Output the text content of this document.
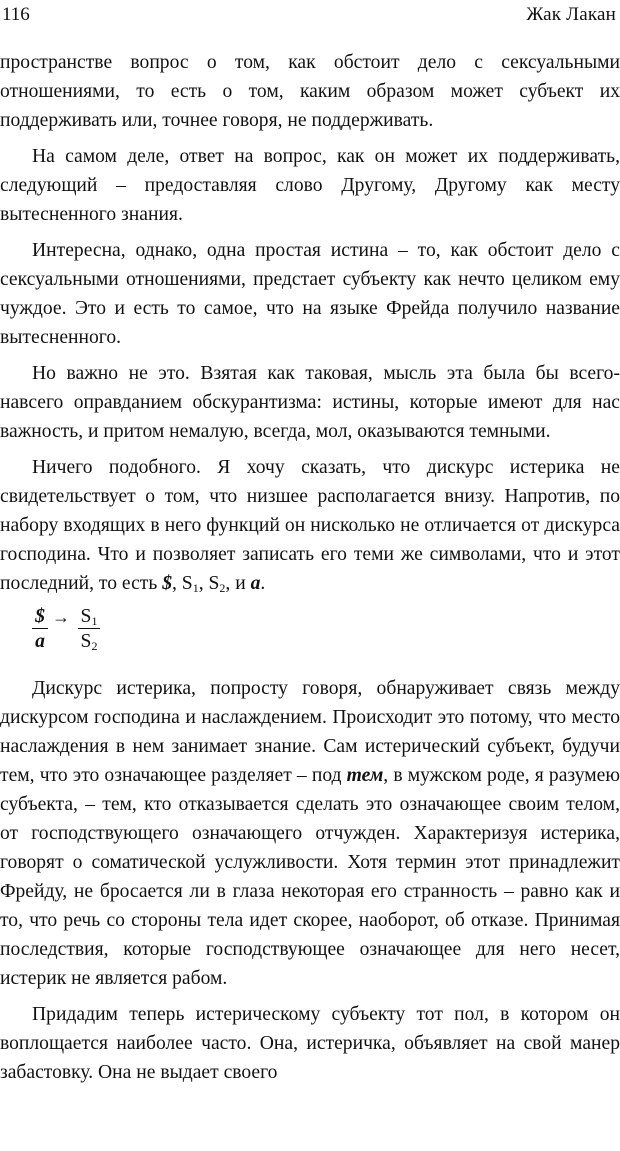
116	Жак Лакан

пространстве вопрос о том, как обстоит дело с сексуальными отношениями, то есть о том, каким образом может субъект их поддерживать или, точнее говоря, не поддерживать.

На самом деле, ответ на вопрос, как он может их поддерживать, следующий – предоставляя слово Другому, Другому как месту вытесненного знания.

Интересна, однако, одна простая истина – то, как обстоит дело с сексуальными отношениями, предстает субъекту как нечто целиком ему чуждое. Это и есть то самое, что на языке Фрейда получило название вытесненного.

Но важно не это. Взятая как таковая, мысль эта была бы всего-навсего оправданием обскурантизма: истины, которые имеют для нас важность, и притом немалую, всегда, мол, оказываются темными.

Ничего подобного. Я хочу сказать, что дискурс истерика не свидетельствует о том, что низшее располагается внизу. Напротив, по набору входящих в него функций он нисколько не отличается от дискурса господина. Что и позволяет записать его теми же символами, что и этот последний, то есть $, $S_1$, $S_2$, и a.

$
a
→ $\frac{S_1}{S_2}$

Дискурс истерика, попросту говоря, обнаруживает связь между дискурсом господина и наслаждением. Происходит это потому, что место наслаждения в нем занимает знание. Сам истерический субъект, будучи тем, что это означающее разделяет – под тем, в мужском роде, я разумею субъекта, – тем, кто отказывается сделать это означающее своим телом, от господствующего означающего отчужден. Характеризуя истерика, говорят о соматической услужливости. Хотя термин этот принадлежит Фрейду, не бросается ли в глаза некоторая его странность – равно как и то, что речь со стороны тела идет скорее, наоборот, об отказе. Принимая последствия, которые господствующее означающее для него несет, истерик не является рабом.

Придадим теперь истерическому субъекту тот пол, в котором он воплощается наиболее часто. Она, истеричка, объявляет на свой манер забастовку. Она не выдает своего
